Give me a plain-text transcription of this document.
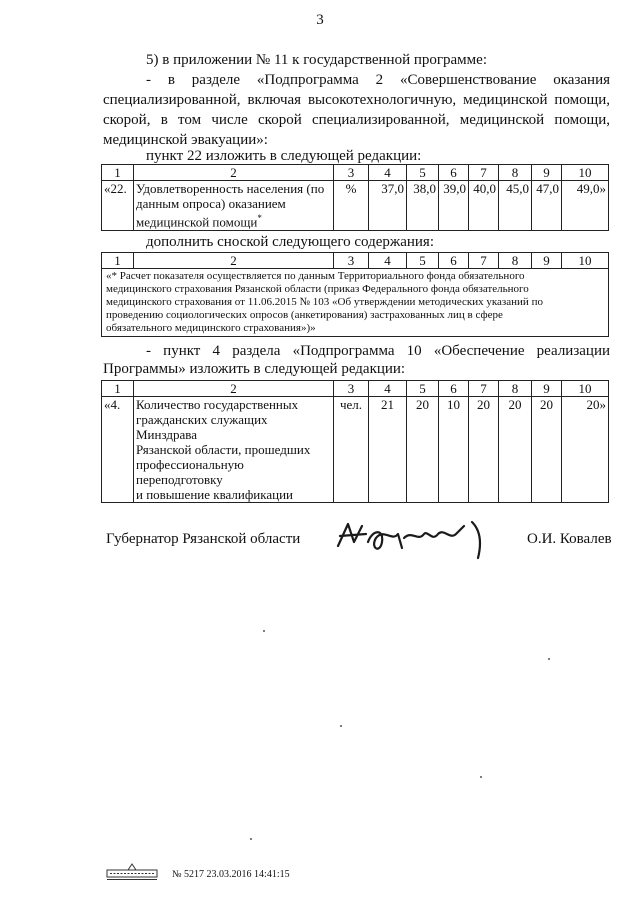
3
5) в приложении № 11 к государственной программе:
- в разделе «Подпрограмма 2 «Совершенствование оказания
специализированной, включая высокотехнологичную, медицинской помощи,
скорой, в том числе скорой специализированной, медицинской помощи,
медицинской эвакуации»:
пункт 22 изложить в следующей редакции:
1	2	3	4	5	6	7	8	9	10
«22.	Удовлетворенность населения (по
данным опроса) оказанием
медицинской помощи*	%	37,0	38,0	39,0	40,0	45,0	47,0	49,0»
дополнить сноской следующего содержания:
1	2	3	4	5	6	7	8	9	10

«* Расчет показателя осуществляется по данным Территориального фонда обязательного
медицинского страхования Рязанской области (приказ Федерального фонда обязательного
медицинского страхования от 11.06.2015 № 103 «Об утверждении методических указаний по
проведению социологических опросов (анкетирования) застрахованных лиц в сфере
обязательного медицинского страхования»)»
- пункт 4 раздела «Подпрограмма 10 «Обеспечение реализации
Программы» изложить в следующей редакции:
1	2	3	4	5	6	7	8	9	10
«4.	Количество государственных
гражданских служащих Минздрава
Рязанской области, прошедших
профессиональную переподготовку
и повышение квалификации	чел.	21	20	10	20	20	20	20»
Губернатор Рязанской области	О.И. Ковалев
№ 5217 23.03.2016 14:41:15
